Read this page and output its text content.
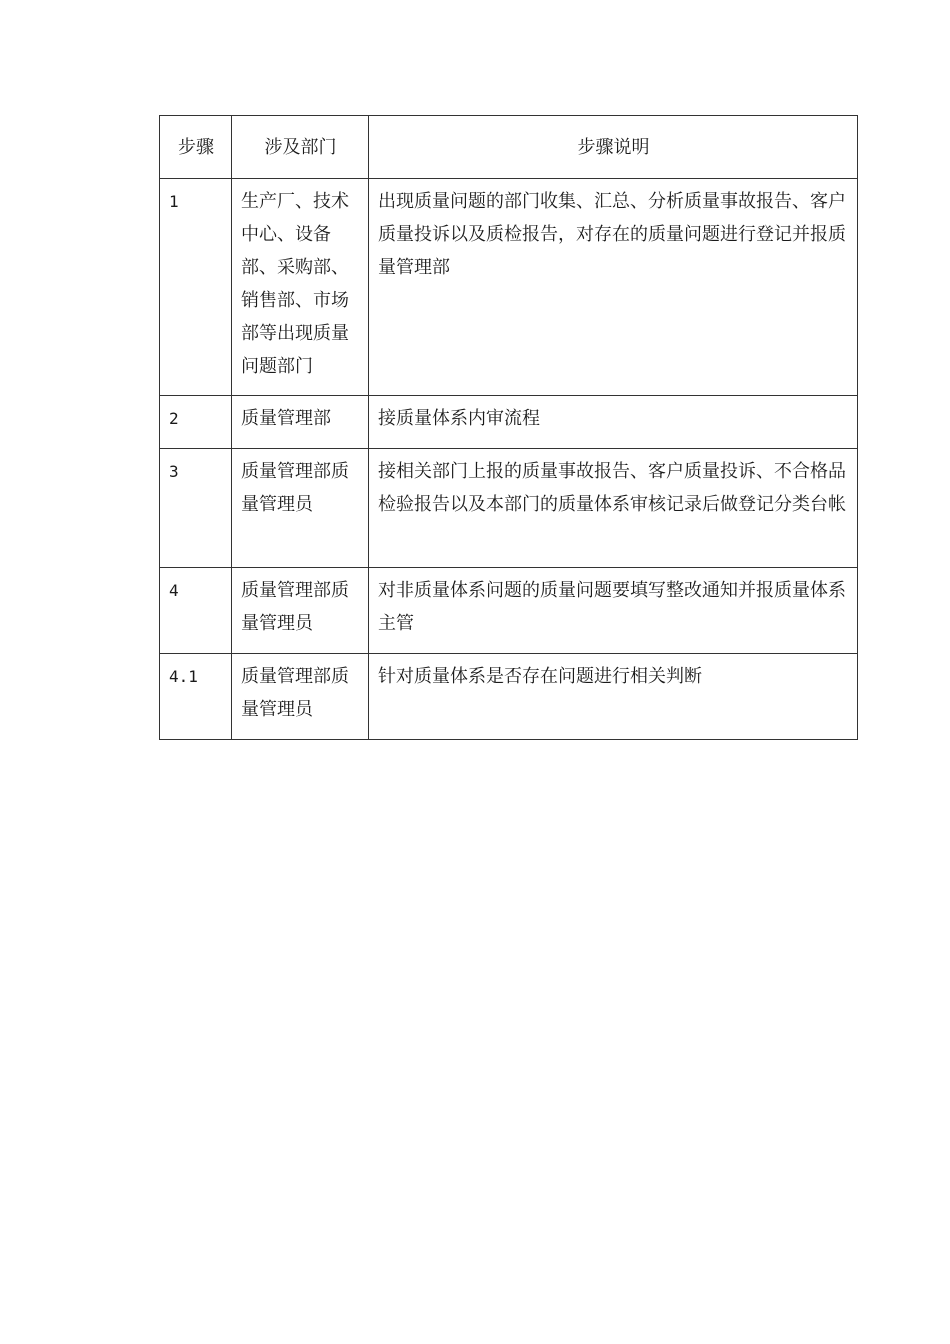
步骤	涉及部门	步骤说明
1	生产厂、技术中心、设备部、采购部、销售部、市场部等出现质量问题部门	出现质量问题的部门收集、汇总、分析质量事故报告、客户质量投诉以及质检报告，对存在的质量问题进行登记并报质量管理部
2	质量管理部	接质量体系内审流程
3	质量管理部质量管理员	接相关部门上报的质量事故报告、客户质量投诉、不合格品检验报告以及本部门的质量体系审核记录后做登记分类台帐
4	质量管理部质量管理员	对非质量体系问题的质量问题要填写整改通知并报质量体系主管
4.1	质量管理部质量管理员	针对质量体系是否存在问题进行相关判断
